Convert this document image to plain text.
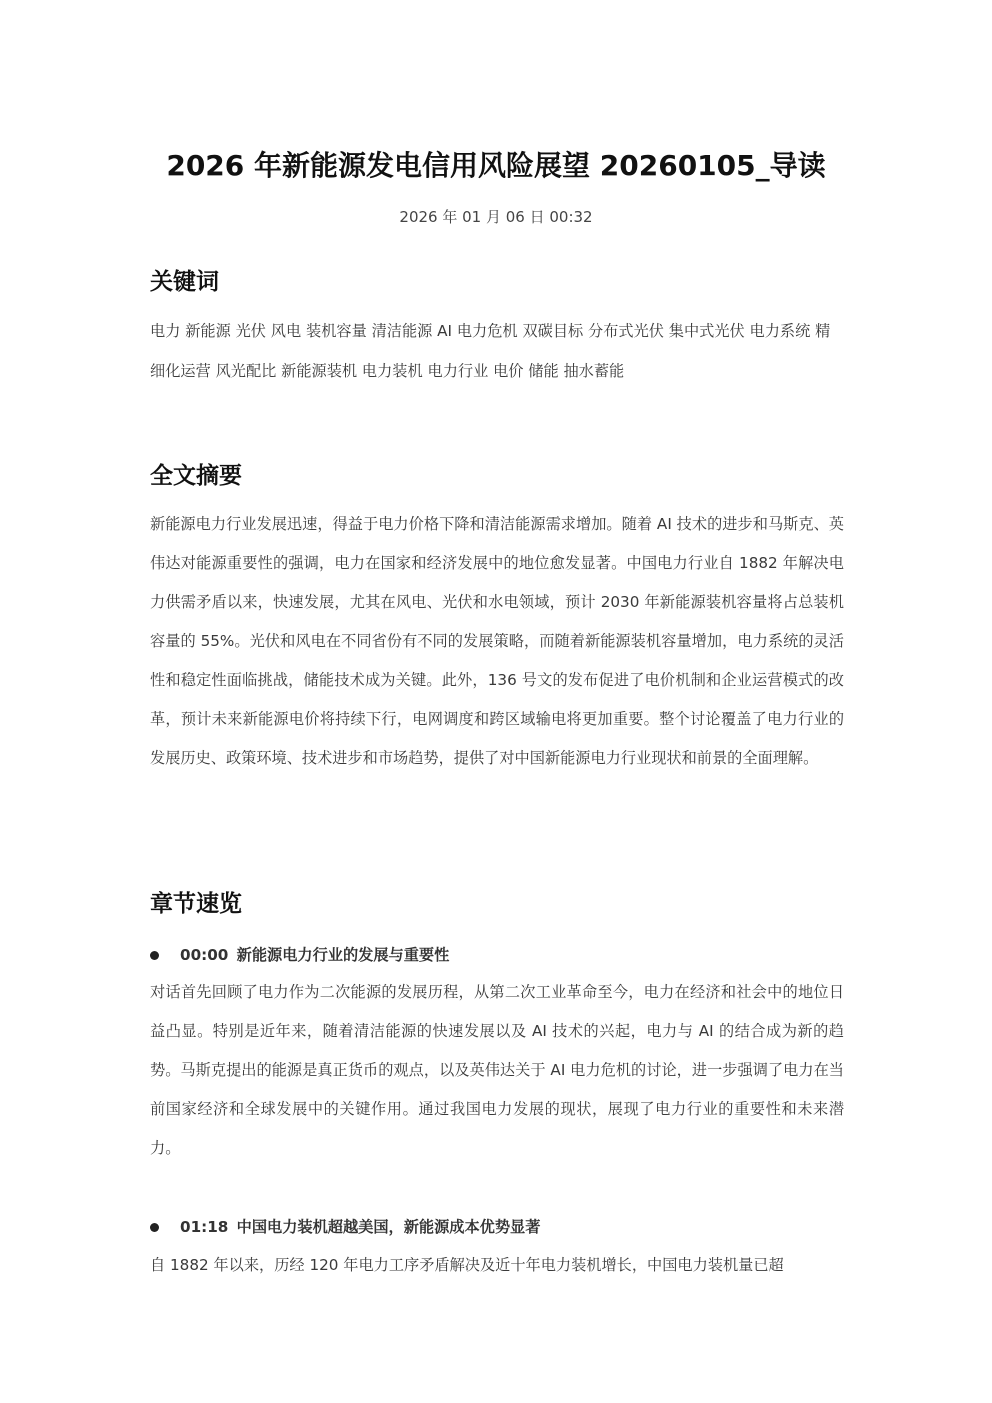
2026 年新能源发电信用风险展望 20260105_导读
2026 年 01 月 06 日 00:32
关键词
电力 新能源 光伏 风电 装机容量 清洁能源 AI 电力危机 双碳目标 分布式光伏 集中式光伏 电力系统 精细化运营 风光配比 新能源装机 电力装机 电力行业 电价 储能 抽水蓄能
全文摘要

新能源电力行业发展迅速，得益于电力价格下降和清洁能源需求增加。随着 AI 技术的进步和马斯克、英伟达对能源重要性的强调，电力在国家和经济发展中的地位愈发显著。中国电力行业自 1882 年解决电力供需矛盾以来，快速发展，尤其在风电、光伏和水电领域，预计 2030 年新能源装机容量将占总装机容量的 55%。光伏和风电在不同省份有不同的发展策略，而随着新能源装机容量增加，电力系统的灵活性和稳定性面临挑战，储能技术成为关键。此外，136 号文的发布促进了电价机制和企业运营模式的改革，预计未来新能源电价将持续下行，电网调度和跨区域输电将更加重要。整个讨论覆盖了电力行业的发展历史、政策环境、技术进步和市场趋势，提供了对中国新能源电力行业现状和前景的全面理解。

章节速览
00:00 新能源电力行业的发展与重要性

对话首先回顾了电力作为二次能源的发展历程，从第二次工业革命至今，电力在经济和社会中的地位日益凸显。特别是近年来，随着清洁能源的快速发展以及 AI 技术的兴起，电力与 AI 的结合成为新的趋势。马斯克提出的能源是真正货币的观点，以及英伟达关于 AI 电力危机的讨论，进一步强调了电力在当前国家经济和全球发展中的关键作用。通过我国电力发展的现状，展现了电力行业的重要性和未来潜力。

01:18 中国电力装机超越美国，新能源成本优势显著

自 1882 年以来，历经 120 年电力工序矛盾解决及近十年电力装机增长，中国电力装机量已超
